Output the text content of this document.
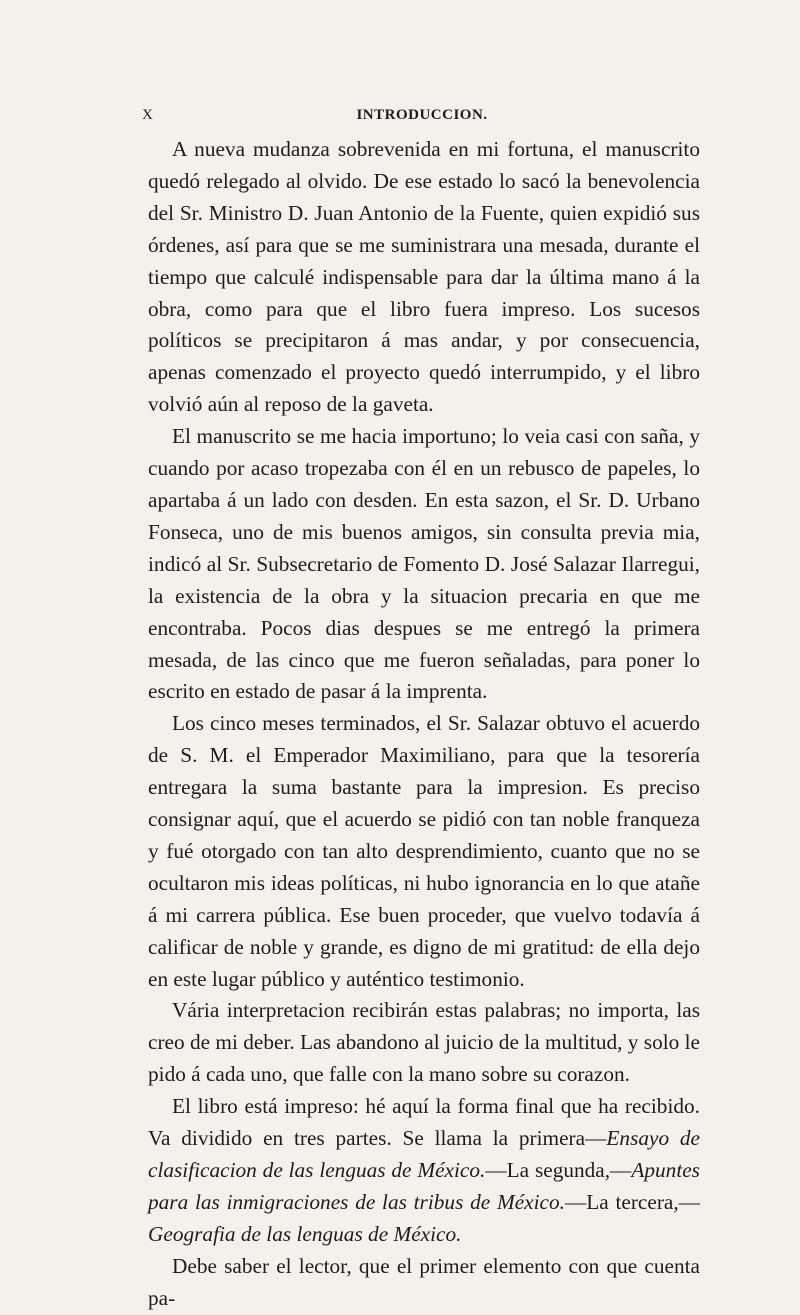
X	INTRODUCCION.

A nueva mudanza sobrevenida en mi fortuna, el manuscrito quedó relegado al olvido. De ese estado lo sacó la benevolencia del Sr. Ministro D. Juan Antonio de la Fuente, quien expidió sus órdenes, así para que se me suministrara una mesada, durante el tiempo que calculé indispensable para dar la última mano á la obra, como para que el libro fuera impreso. Los sucesos políticos se precipitaron á mas andar, y por consecuencia, apenas comenzado el proyecto quedó interrumpido, y el libro volvió aún al reposo de la gaveta.

El manuscrito se me hacia importuno; lo veia casi con saña, y cuando por acaso tropezaba con él en un rebusco de papeles, lo apartaba á un lado con desden. En esta sazon, el Sr. D. Urbano Fonseca, uno de mis buenos amigos, sin consulta previa mia, indicó al Sr. Subsecretario de Fomento D. José Salazar Ilarregui, la existencia de la obra y la situacion precaria en que me encontraba. Pocos dias despues se me entregó la primera mesada, de las cinco que me fueron señaladas, para poner lo escrito en estado de pasar á la imprenta.

Los cinco meses terminados, el Sr. Salazar obtuvo el acuerdo de S. M. el Emperador Maximiliano, para que la tesorería entregara la suma bastante para la impresion. Es preciso consignar aquí, que el acuerdo se pidió con tan noble franqueza y fué otorgado con tan alto desprendimiento, cuanto que no se ocultaron mis ideas políticas, ni hubo ignorancia en lo que atañe á mi carrera pública. Ese buen proceder, que vuelvo todavía á calificar de noble y grande, es digno de mi gratitud: de ella dejo en este lugar público y auténtico testimonio.

Vária interpretacion recibirán estas palabras; no importa, las creo de mi deber. Las abandono al juicio de la multitud, y solo le pido á cada uno, que falle con la mano sobre su corazon.

El libro está impreso: hé aquí la forma final que ha recibido. Va dividido en tres partes. Se llama la primera—Ensayo de clasificacion de las lenguas de México.—La segunda,—Apuntes para las inmigraciones de las tribus de México.—La tercera,—Geografia de las lenguas de México.

Debe saber el lector, que el primer elemento con que cuenta pa-
